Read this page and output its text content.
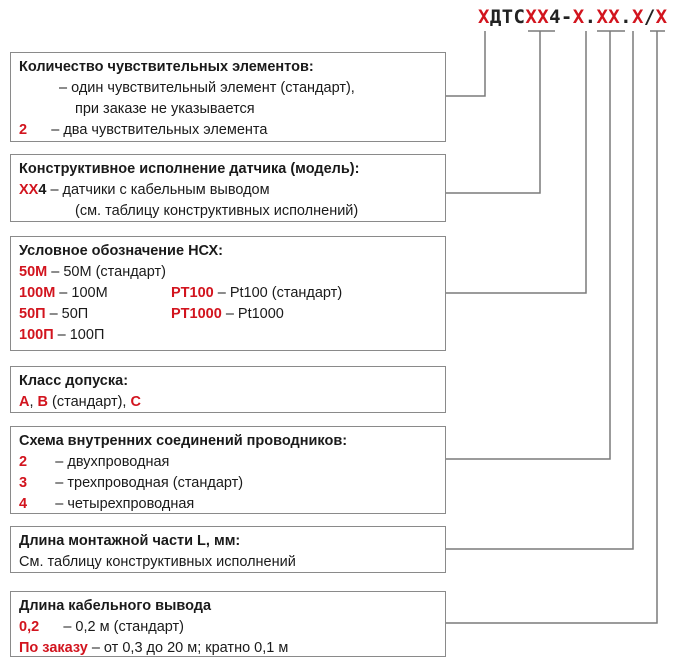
ХДТСХХ4-Х.ХХ.Х/Х
Количество чувствительных элементов:
– один чувствительный элемент (стандарт),
при заказе не указывается
2 – два чувствительных элемента
Конструктивное исполнение датчика (модель):
ХХ4 – датчики с кабельным выводом
(см. таблицу конструктивных исполнений)
Условное обозначение НСХ:
50М – 50М (стандарт)
100М – 100М	PT100 – Pt100 (стандарт)
50П – 50П	PT1000 – Pt1000
100П – 100П
Класс допуска:
A, B (стандарт), C
Схема внутренних соединений проводников:
2 – двухпроводная
3 – трехпроводная (стандарт)
4 – четырехпроводная
Длина монтажной части L, мм:
См. таблицу конструктивных исполнений
Длина кабельного вывода
0,2 – 0,2 м (стандарт)
По заказу – от 0,3 до 20 м; кратно 0,1 м
